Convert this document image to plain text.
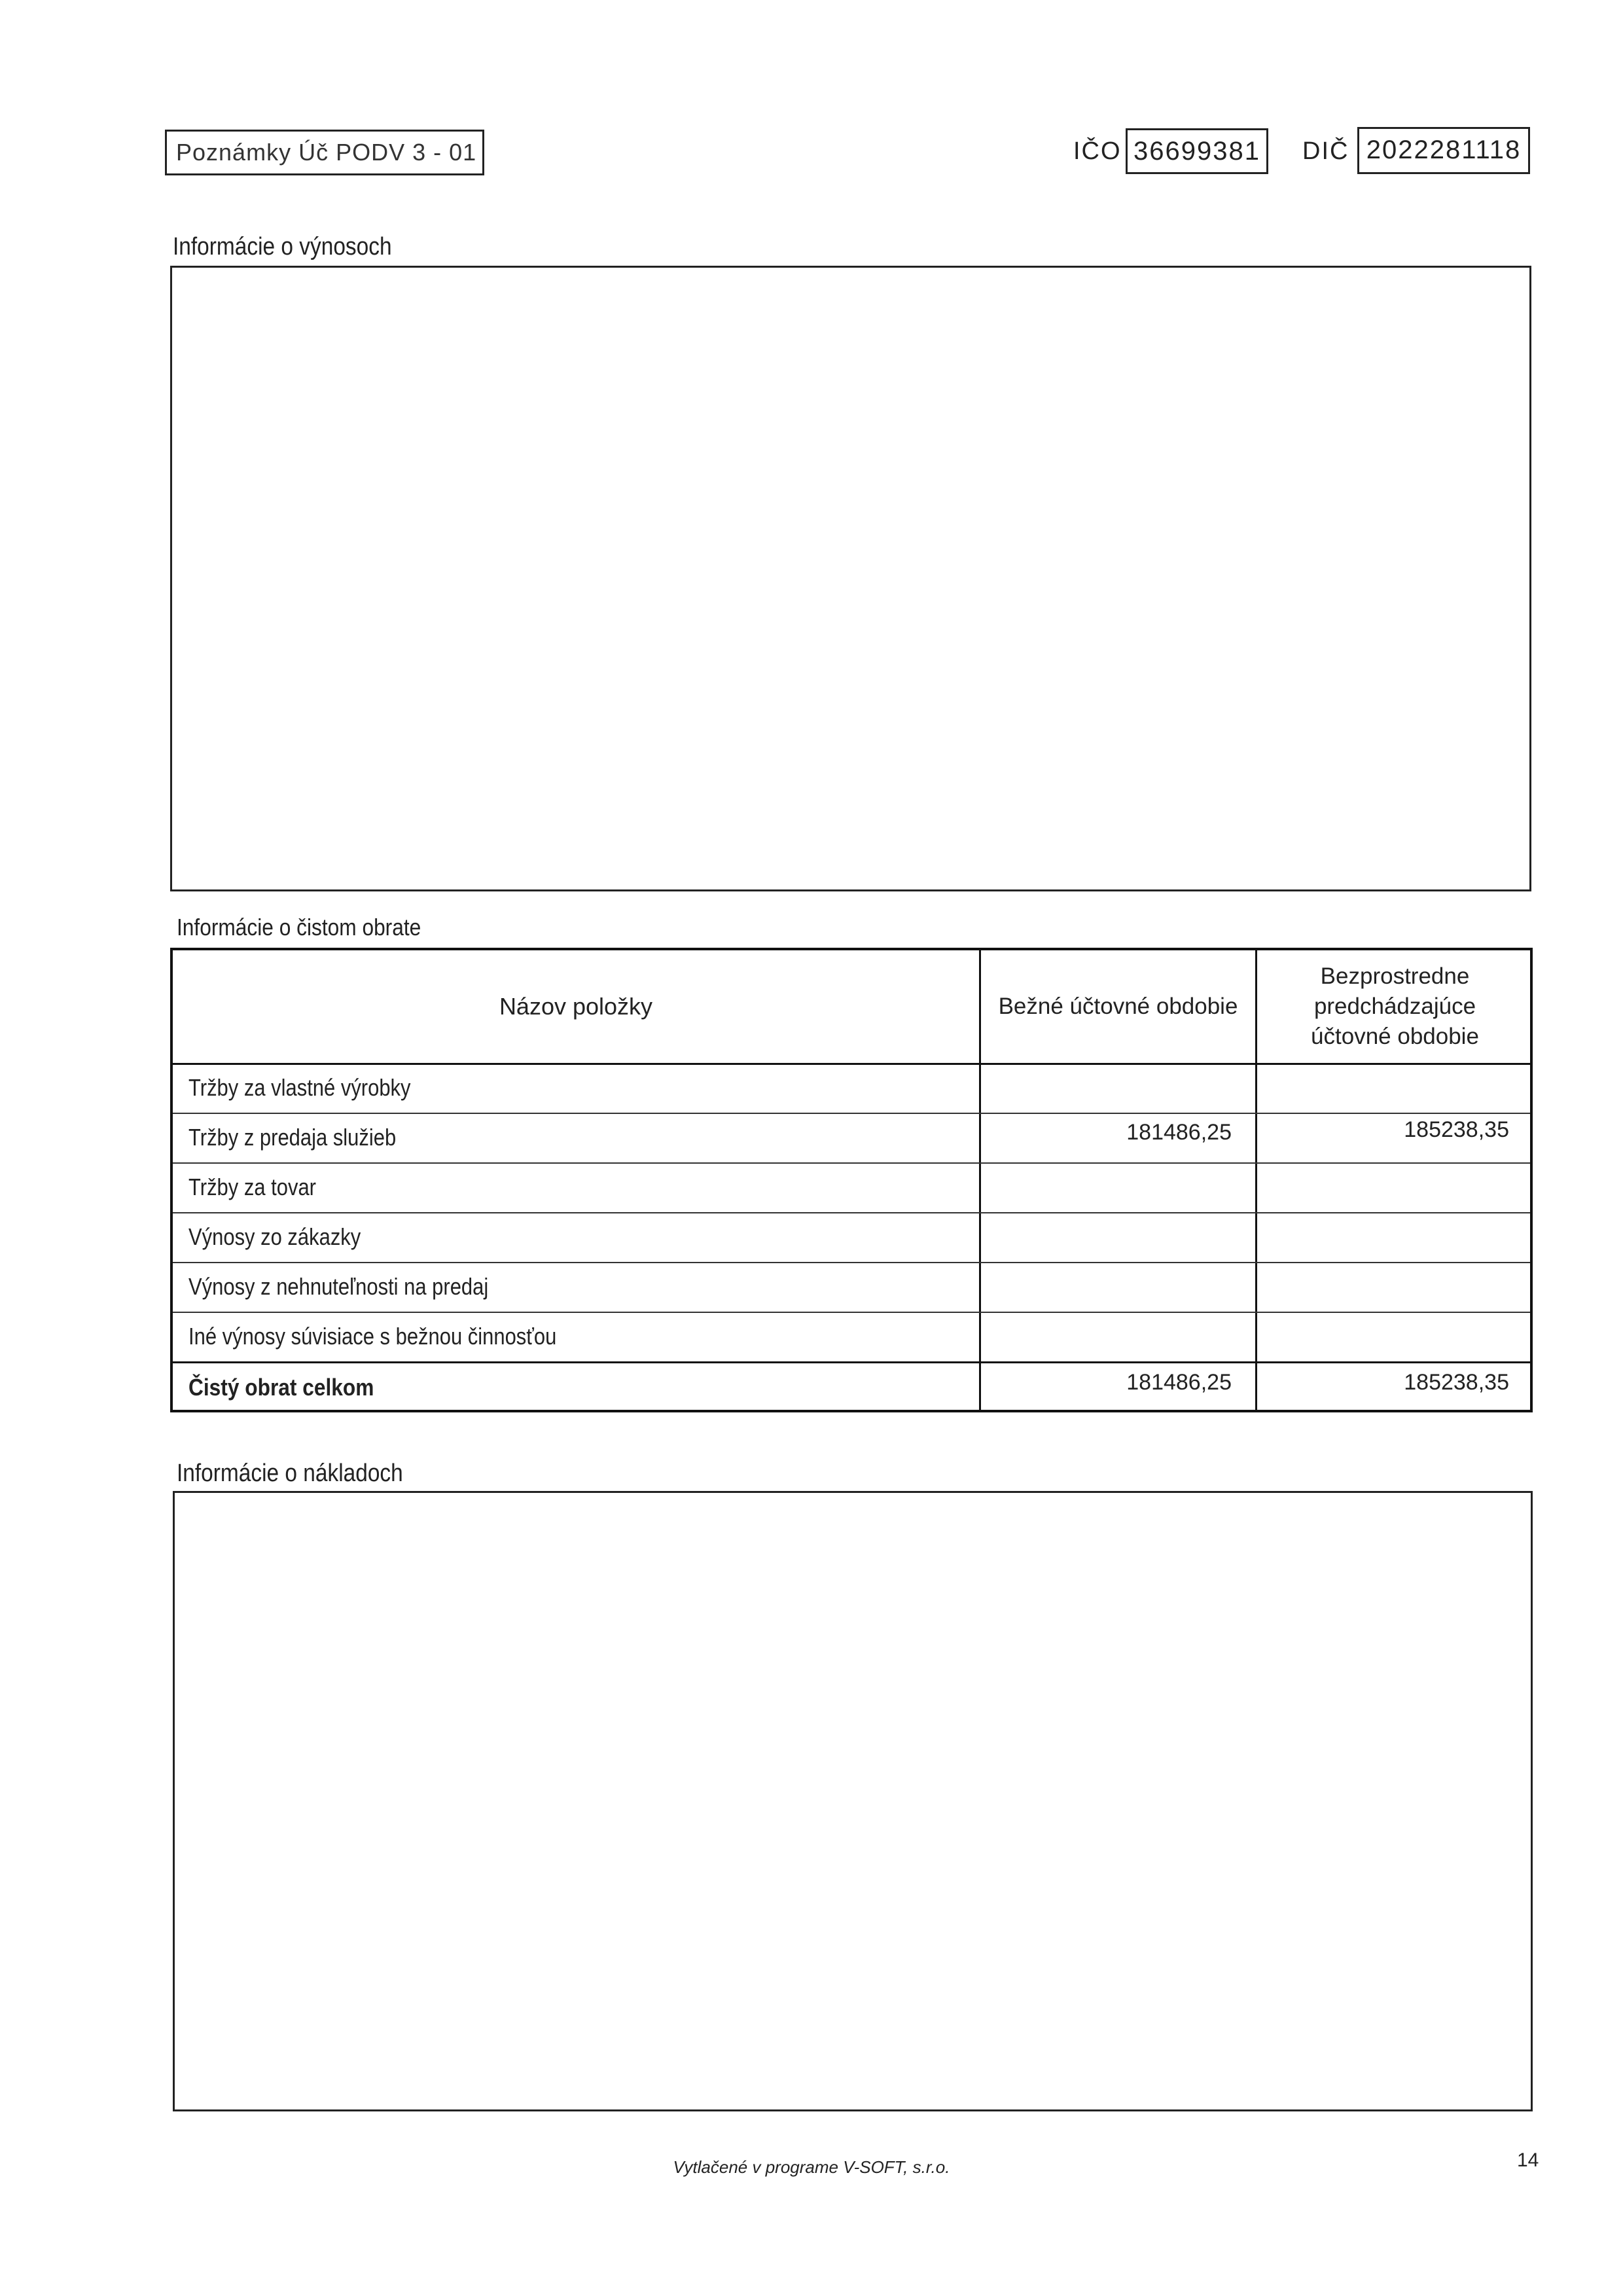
Poznámky Úč PODV 3 - 01	IČO 36699381	DIČ 2022281118
Informácie o výnosoch
Informácie o čistom obrate
Názov položky	Bežné účtovné obdobie
Bezprostredne
predchádzajúce
účtovné obdobie
Tržby za vlastné výrobky
Tržby z predaja služieb	181486,25	185238,35
Tržby za tovar
Výnosy zo zákazky
Výnosy z nehnuteľnosti na predaj
Iné výnosy súvisiace s bežnou činnosťou
Čistý obrat celkom	181486,25	185238,35
Informácie o nákladoch
Vytlačené v programe V-SOFT, s.r.o.	14
